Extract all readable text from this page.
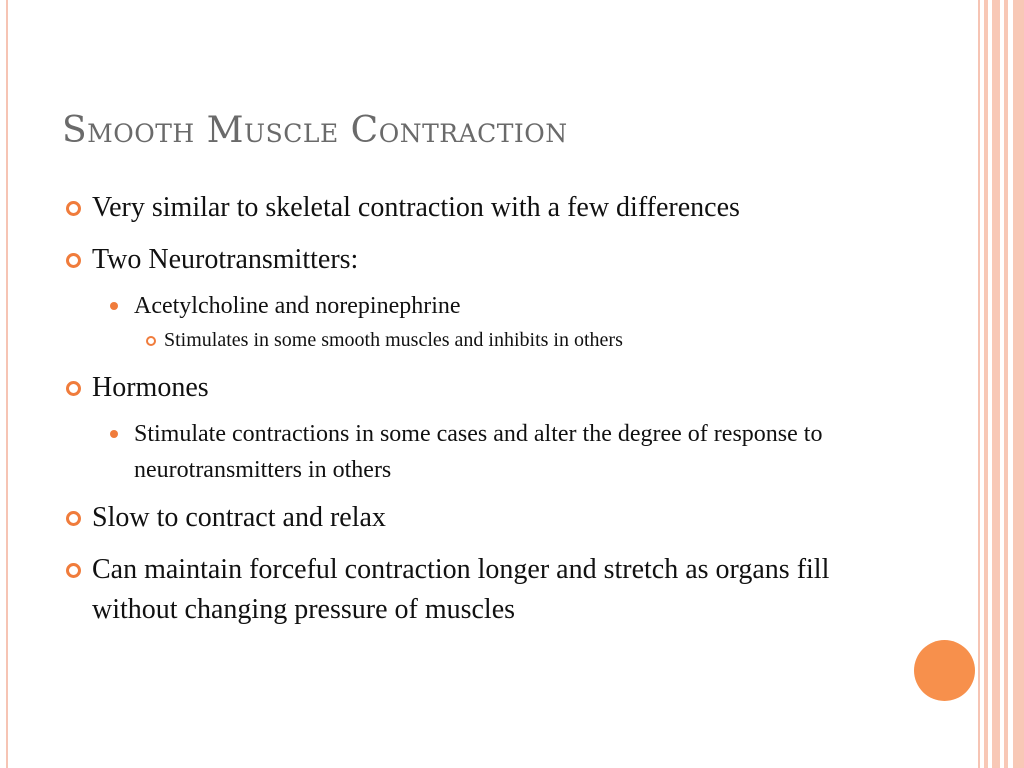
Smooth Muscle Contraction
Very similar to skeletal contraction with a few differences
Two Neurotransmitters:
Acetylcholine and norepinephrine
Stimulates in some smooth muscles and inhibits in others
Hormones
Stimulate contractions in some cases and alter the degree of response to neurotransmitters in others
Slow to contract and relax
Can maintain forceful contraction longer and stretch as organs fill without changing pressure of muscles
